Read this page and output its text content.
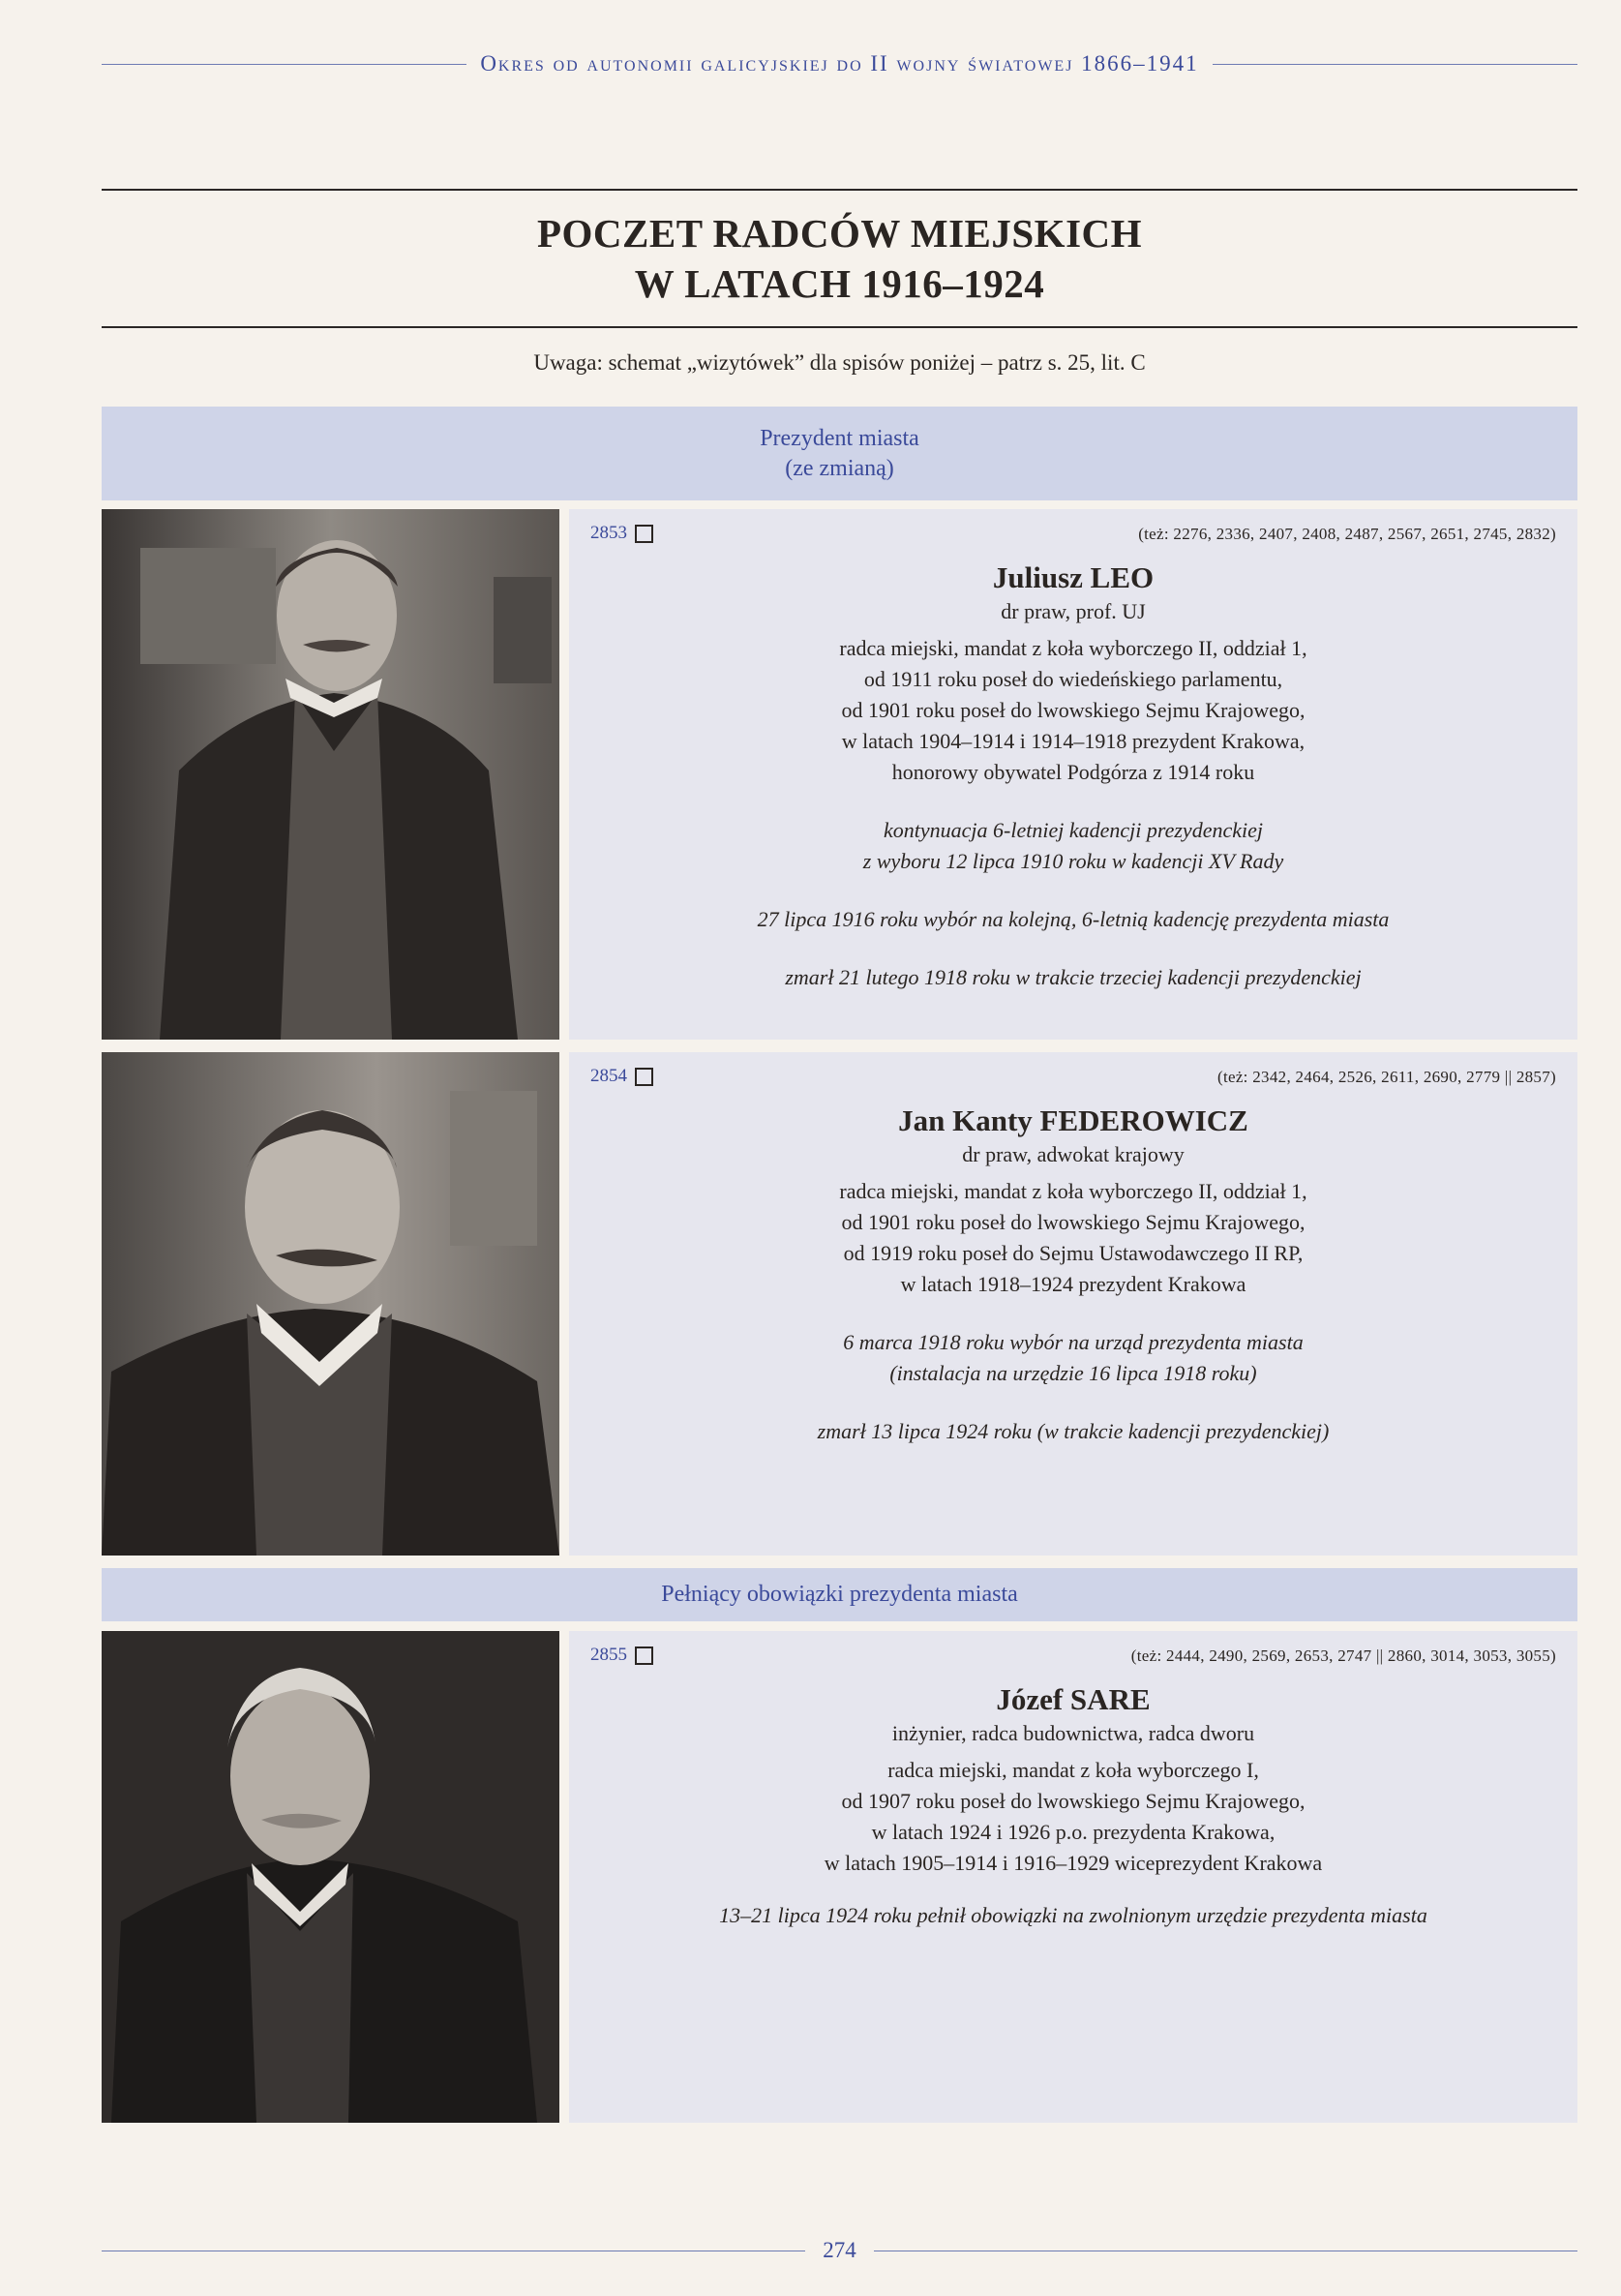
Okres od autonomii galicyjskiej do II wojny światowej 1866–1941
POCZET RADCÓW MIEJSKICH
W LATACH 1916–1924
Uwaga: schemat „wizytówek” dla spisów poniżej – patrz s. 25, lit. C
Prezydent miasta
(ze zmianą)
2853	(też: 2276, 2336, 2407, 2408, 2487, 2567, 2651, 2745, 2832)
Juliusz LEO
dr praw, prof. UJ
radca miejski, mandat z koła wyborczego II, oddział 1,
od 1911 roku poseł do wiedeńskiego parlamentu,
od 1901 roku poseł do lwowskiego Sejmu Krajowego,
w latach 1904–1914 i 1914–1918 prezydent Krakowa,
honorowy obywatel Podgórza z 1914 roku
kontynuacja 6-letniej kadencji prezydenckiej
z wyboru 12 lipca 1910 roku w kadencji XV Rady
27 lipca 1916 roku wybór na kolejną, 6-letnią kadencję prezydenta miasta
zmarł 21 lutego 1918 roku w trakcie trzeciej kadencji prezydenckiej
2854	(też: 2342, 2464, 2526, 2611, 2690, 2779 || 2857)
Jan Kanty FEDEROWICZ
dr praw, adwokat krajowy
radca miejski, mandat z koła wyborczego II, oddział 1,
od 1901 roku poseł do lwowskiego Sejmu Krajowego,
od 1919 roku poseł do Sejmu Ustawodawczego II RP,
w latach 1918–1924 prezydent Krakowa
6 marca 1918 roku wybór na urząd prezydenta miasta
(instalacja na urzędzie 16 lipca 1918 roku)
zmarł 13 lipca 1924 roku (w trakcie kadencji prezydenckiej)
Pełniący obowiązki prezydenta miasta
2855	(też: 2444, 2490, 2569, 2653, 2747 || 2860, 3014, 3053, 3055)
Józef SARE
inżynier, radca budownictwa, radca dworu
radca miejski, mandat z koła wyborczego I,
od 1907 roku poseł do lwowskiego Sejmu Krajowego,
w latach 1924 i 1926 p.o. prezydenta Krakowa,
w latach 1905–1914 i 1916–1929 wiceprezydent Krakowa
13–21 lipca 1924 roku pełnił obowiązki na zwolnionym urzędzie prezydenta miasta
274
